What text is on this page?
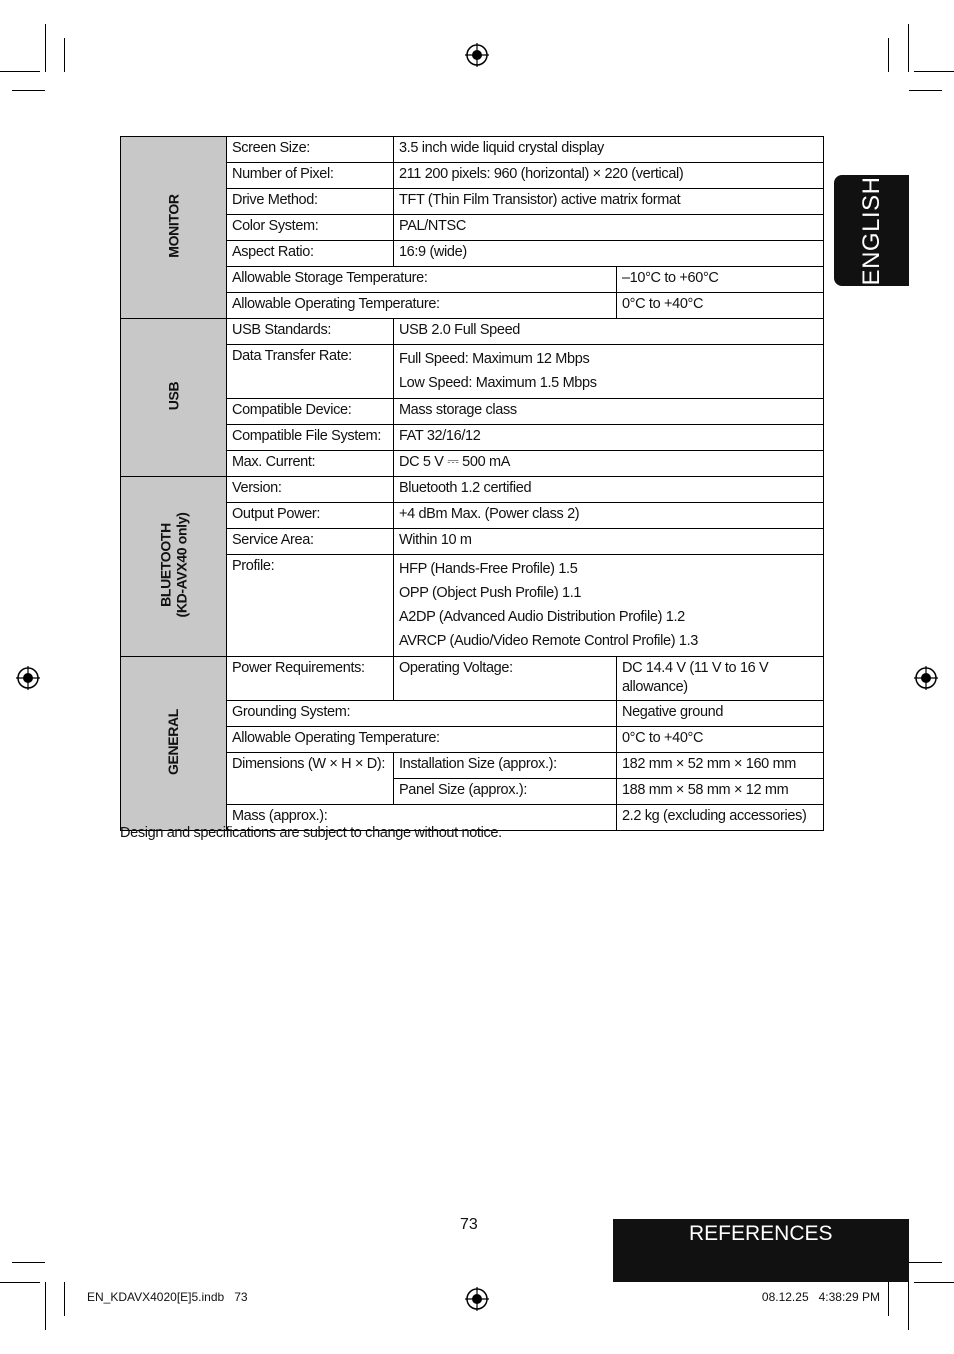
ENGLISH
MONITOR	Screen Size:	3.5 inch wide liquid crystal display	
	Number of Pixel:	211 200 pixels: 960 (horizontal) × 220 (vertical)	
	Drive Method:	TFT (Thin Film Transistor) active matrix format	
	Color System:	PAL/NTSC	
	Aspect Ratio:	16:9 (wide)	
	Allowable Storage Temperature:		–10°C to +60°C
	Allowable Operating Temperature:		0°C to +40°C
USB	USB Standards:	USB 2.0 Full Speed	
	Data Transfer Rate:	Full Speed: Maximum 12 Mbps
Low Speed: Maximum 1.5 Mbps	

	Compatible Device:	Mass storage class	
	Compatible File System:	FAT 32/16/12	
	Max. Current:	DC 5 V ⎓ 500 mA	
BLUETOOTH
(KD-AVX40 only)	Version:	Bluetooth 1.2 certified	
	Output Power:	+4 dBm Max. (Power class 2)	
	Service Area:	Within 10 m	
	Profile:	HFP (Hands-Free Profile) 1.5
OPP (Object Push Profile) 1.1
A2DP (Advanced Audio Distribution Profile) 1.2
AVRCP (Audio/Video Remote Control Profile) 1.3	

GENERAL	Power Requirements:	Operating Voltage:	DC 14.4 V (11 V to 16 V allowance)
	Grounding System:		Negative ground
	Allowable Operating Temperature:		0°C to +40°C
	Dimensions (W × H × D):	Installation Size (approx.):	182 mm × 52 mm × 160 mm
		Panel Size (approx.):	188 mm × 58 mm × 12 mm
	Mass (approx.):		2.2 kg (excluding accessories)
Design and specifications are subject to change without notice.
73	REFERENCES
EN_KDAVX4020[E]5.indb   73	08.12.25   4:38:29 PM
